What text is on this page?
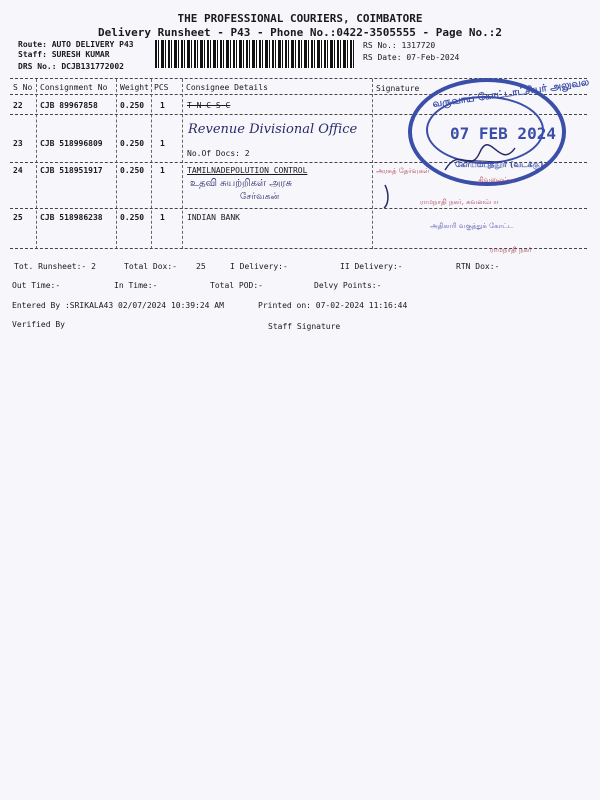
THE PROFESSIONAL COURIERS, COIMBATORE
Delivery Runsheet - P43 - Phone No.:0422-3505555 - Page No.:2
Route: AUTO DELIVERY P43
Staff: SURESH KUMAR
DRS No.: DCJB131772002
RS No.: 1317720
RS Date: 07-Feb-2024
S No Consignment No Weight PCS Consignee Details	Signature
22 CJB 89967858	0.250 1	T N C S C
23 CJB 518996809 0.250 1
Revenue Divisional Office
No.Of Docs: 2
24 CJB 518951917 0.250 1	TAMILNADEPOLUTION CONTROL
உதவி சுயற்றிகள் அரசு
சேர்வகன்
25 CJB 518986238 0.250 1	INDIAN BANK
வருவாய் கோட்டாட்சியர் அலுவல
07 FEB 2024
கோயம்புத்தூர் (வடக்கு)
அரசுத் தேர்வுகள்
திவலைப்பு
ராமநாதி நகர், சுவனம்பா
அதிகாரி வகுத்துக் கோட்ட
ராமநாதி நகர்
Tot. Runsheet:- 2	Total Dox:- 25	I Delivery:-	II Delivery:-	RTN Dox:-
Out Time:-	In Time:-	Total POD:-	Delvy Points:-
Entered By :SRIKALA43 02/07/2024 10:39:24 AM	Printed on: 07-02-2024 11:16:44
Verified By	Staff Signature
